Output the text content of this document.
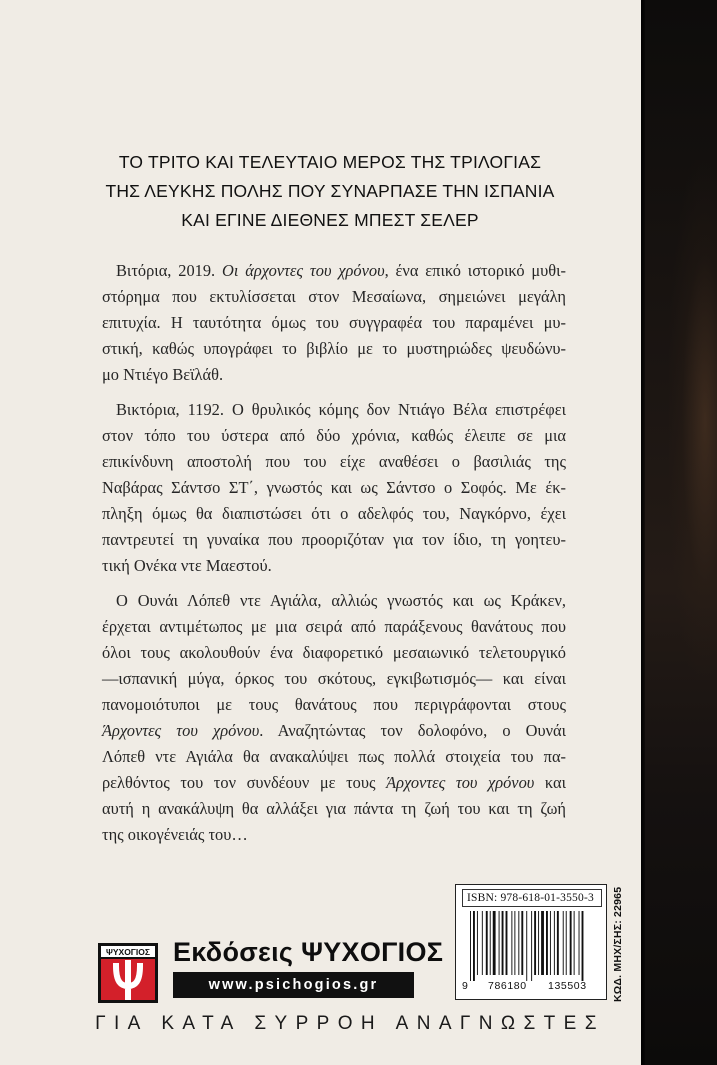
ΤΟ ΤΡΙΤΟ ΚΑΙ ΤΕΛΕΥΤΑΙΟ ΜΕΡΟΣ ΤΗΣ ΤΡΙΛΟΓΙΑΣ
ΤΗΣ ΛΕΥΚΗΣ ΠΟΛΗΣ ΠΟΥ ΣΥΝΑΡΠΑΣΕ ΤΗΝ ΙΣΠΑΝΙΑ
ΚΑΙ ΕΓΙΝΕ ΔΙΕΘΝΕΣ ΜΠΕΣΤ ΣΕΛΕΡ
Βιτόρια, 2019. Οι άρχοντες του χρόνου, ένα επικό ιστορικό μυθι-
στόρημα που εκτυλίσσεται στον Μεσαίωνα, σημειώνει μεγάλη
επιτυχία. Η ταυτότητα όμως του συγγραφέα του παραμένει μυ-
στική, καθώς υπογράφει το βιβλίο με το μυστηριώδες ψευδώνυ-
μο Ντιέγο Βεϊλάθ.
Βικτόρια, 1192. Ο θρυλικός κόμης δον Ντιάγο Βέλα επιστρέφει
στον τόπο του ύστερα από δύο χρόνια, καθώς έλειπε σε μια
επικίνδυνη αποστολή που του είχε αναθέσει ο βασιλιάς της
Ναβάρας Σάντσο ΣΤ΄, γνωστός και ως Σάντσο ο Σοφός. Με έκ-
πληξη όμως θα διαπιστώσει ότι ο αδελφός του, Ναγκόρνο, έχει
παντρευτεί τη γυναίκα που προοριζόταν για τον ίδιο, τη γοητευ-
τική Ονέκα ντε Μαεστού.
Ο Ουνάι Λόπεθ ντε Αγιάλα, αλλιώς γνωστός και ως Κράκεν,
έρχεται αντιμέτωπος με μια σειρά από παράξενους θανάτους που
όλοι τους ακολουθούν ένα διαφορετικό μεσαιωνικό τελετουργικό
—ισπανική μύγα, όρκος του σκότους, εγκιβωτισμός— και είναι
πανομοιότυποι με τους θανάτους που περιγράφονται στους
Άρχοντες του χρόνου. Αναζητώντας τον δολοφόνο, ο Ουνάι
Λόπεθ ντε Αγιάλα θα ανακαλύψει πως πολλά στοιχεία του πα-
ρελθόντος του τον συνδέουν με τους Άρχοντες του χρόνου και
αυτή η ανακάλυψη θα αλλάξει για πάντα τη ζωή του και τη ζωή
της οικογένειάς του…
ISBN: 978-618-01-3550-3
9 786180 135503 ΚΩΔ. ΜΗΧ/ΣΗΣ: 22965
ΨΥΧΟΓΙΟΣ Εκδόσεις ΨΥΧΟΓΙΟΣ
www.psichogios.gr
ΓΙΑ ΚΑΤΑ ΣΥΡΡΟΗ ΑΝΑΓΝΩΣΤΕΣ
